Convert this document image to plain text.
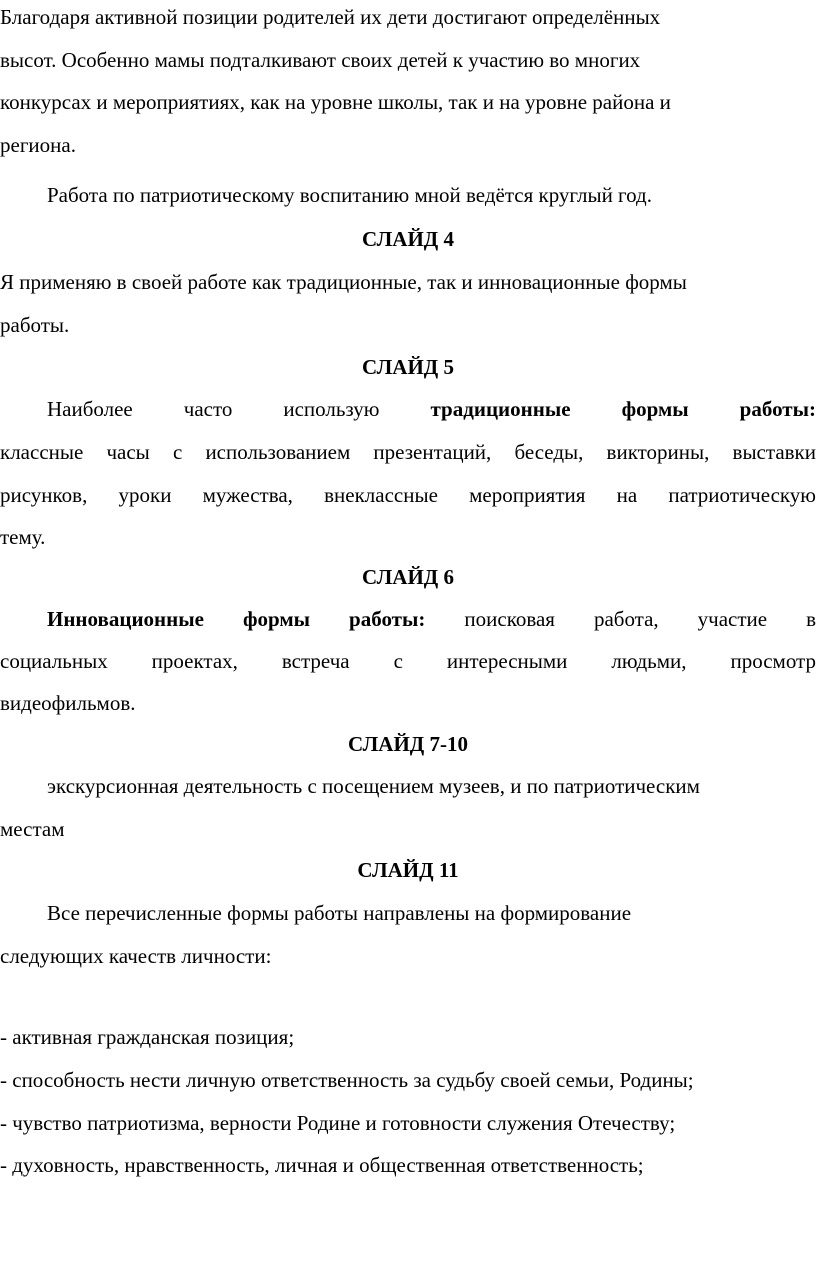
Благодаря активной позиции родителей их дети достигают определённых
высот. Особенно мамы подталкивают своих детей к участию во многих
конкурсах и мероприятиях, как на уровне школы, так и на уровне района и
региона.
Работа по патриотическому воспитанию мной ведётся круглый год.
СЛАЙД 4
Я применяю в своей работе как традиционные, так и инновационные формы
работы.
СЛАЙД 5
Наиболее часто использую традиционные формы работы:
классные часы с использованием презентаций, беседы, викторины, выставки
рисунков, уроки мужества, внеклассные мероприятия на патриотическую
тему.
СЛАЙД 6
Инновационные формы работы: поисковая работа, участие в
социальных проектах, встреча с интересными людьми, просмотр
видеофильмов.
СЛАЙД 7-10
экскурсионная деятельность с посещением музеев, и по патриотическим
местам
СЛАЙД 11
Все перечисленные формы работы направлены на формирование
следующих качеств личности:
- активная гражданская позиция;
- способность нести личную ответственность за судьбу своей семьи, Родины;
- чувство патриотизма, верности Родине и готовности служения Отечеству;
- духовность, нравственность, личная и общественная ответственность;
